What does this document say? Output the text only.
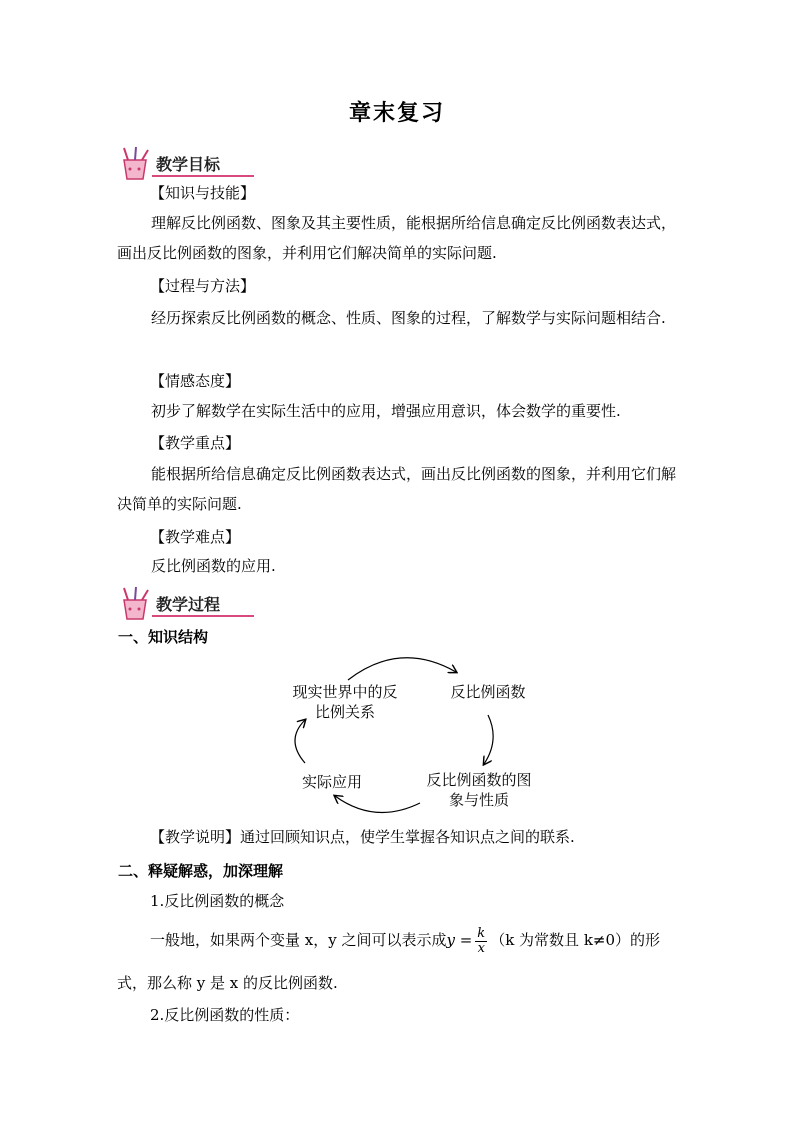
章末复习
教学目标
【知识与技能】
理解反比例函数、图象及其主要性质，能根据所给信息确定反比例函数表达式，画出反比例函数的图象，并利用它们解决简单的实际问题.
【过程与方法】
经历探索反比例函数的概念、性质、图象的过程，了解数学与实际问题相结合.
【情感态度】
初步了解数学在实际生活中的应用，增强应用意识，体会数学的重要性.
【教学重点】
能根据所给信息确定反比例函数表达式，画出反比例函数的图象，并利用它们解决简单的实际问题.
【教学难点】
反比例函数的应用.
教学过程
一、知识结构
现实世界中的反
比例关系
反比例函数
反比例函数的图
象与性质
实际应用
【教学说明】通过回顾知识点，使学生掌握各知识点之间的联系.
二、释疑解惑，加深理解
1.反比例函数的概念
一般地，如果两个变量 x，y 之间可以表示成$y = \frac{k}{x} (k$ 为常数且 k≠0）的形
式，那么称 y 是 x 的反比例函数.
2.反比例函数的性质：
